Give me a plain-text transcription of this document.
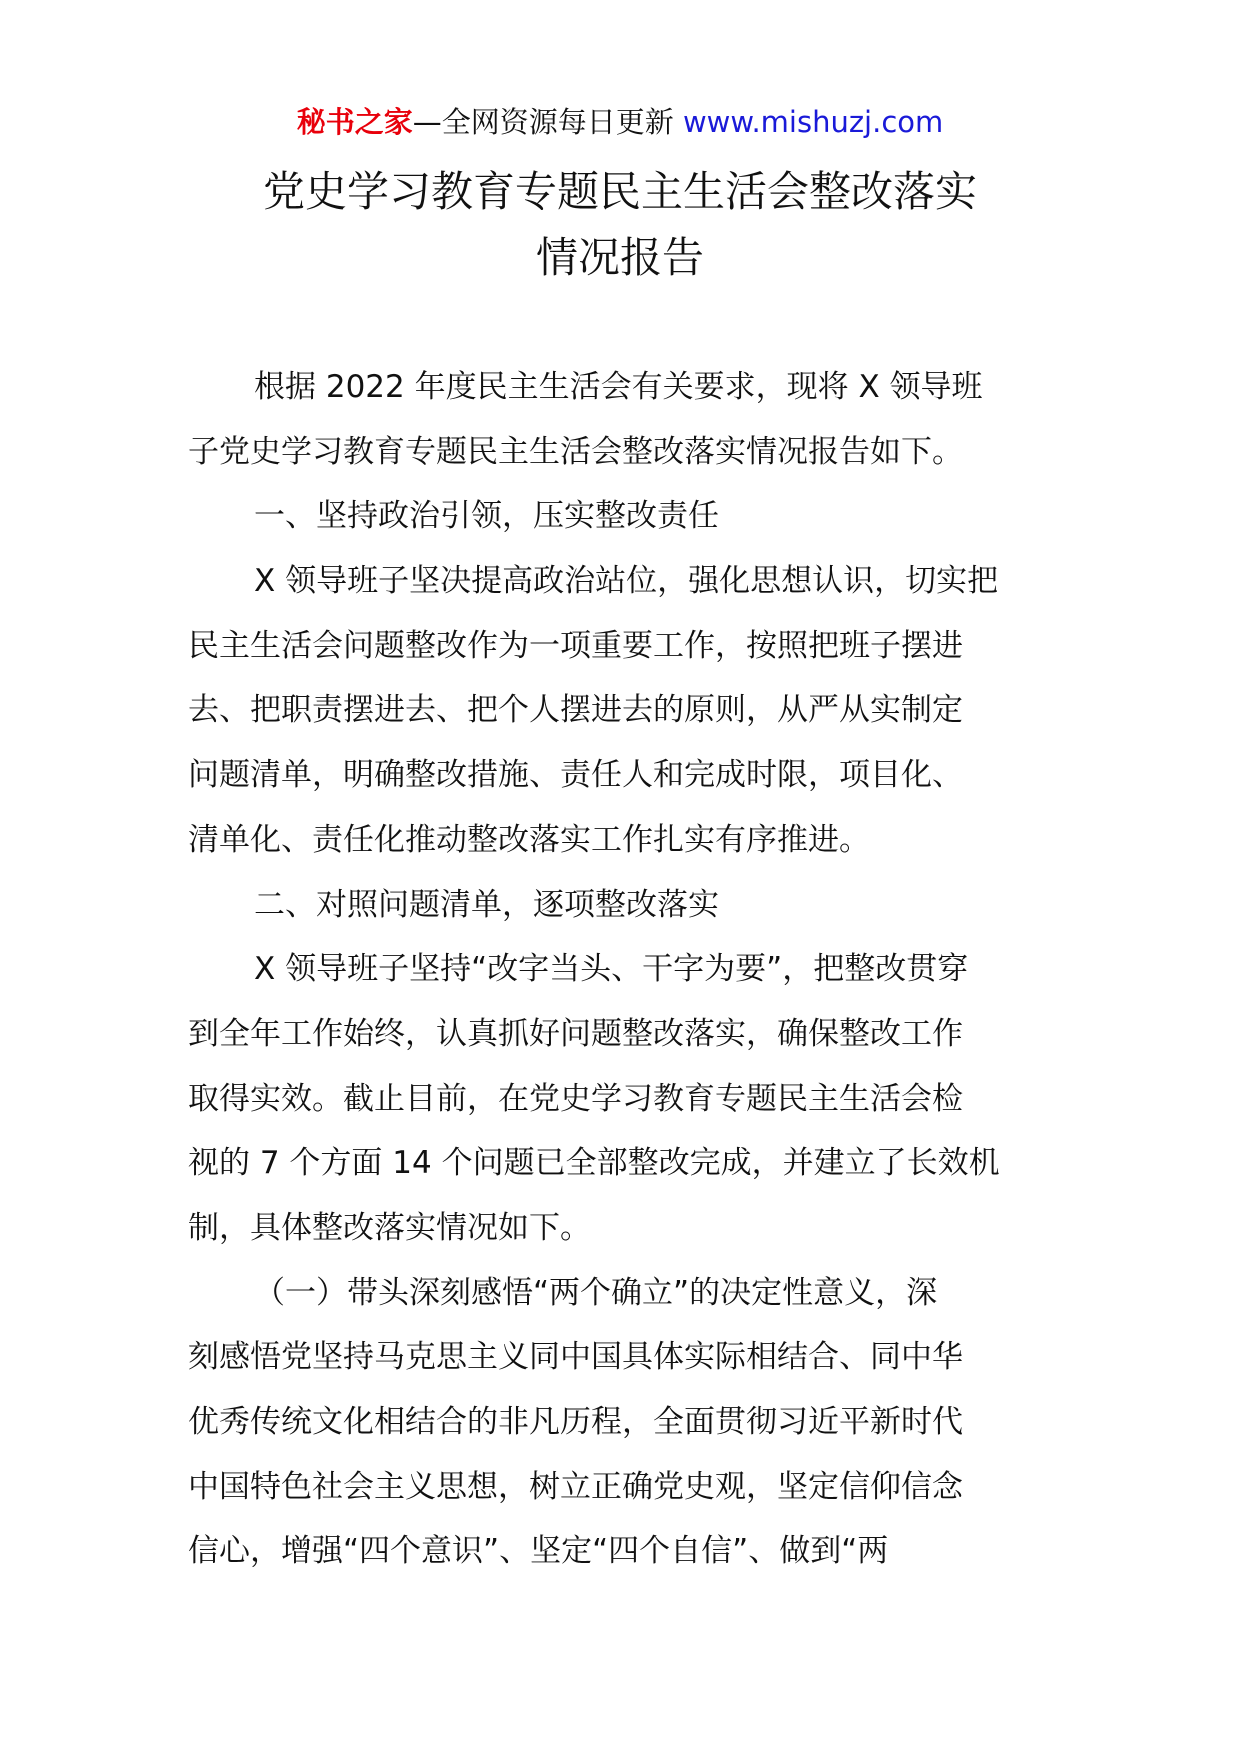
秘书之家—全网资源每日更新 www.mishuzj.com
党史学习教育专题民主生活会整改落实
情况报告
根据 2022 年度民主生活会有关要求，现将 X 领导班
子党史学习教育专题民主生活会整改落实情况报告如下。
一、坚持政治引领，压实整改责任
X 领导班子坚决提高政治站位，强化思想认识，切实把
民主生活会问题整改作为一项重要工作，按照把班子摆进
去、把职责摆进去、把个人摆进去的原则，从严从实制定
问题清单，明确整改措施、责任人和完成时限，项目化、
清单化、责任化推动整改落实工作扎实有序推进。
二、对照问题清单，逐项整改落实
X 领导班子坚持“改字当头、干字为要”，把整改贯穿
到全年工作始终，认真抓好问题整改落实，确保整改工作
取得实效。截止目前，在党史学习教育专题民主生活会检
视的 7 个方面 14 个问题已全部整改完成，并建立了长效机
制，具体整改落实情况如下。
（一）带头深刻感悟“两个确立”的决定性意义，深
刻感悟党坚持马克思主义同中国具体实际相结合、同中华
优秀传统文化相结合的非凡历程，全面贯彻习近平新时代
中国特色社会主义思想，树立正确党史观，坚定信仰信念
信心，增强“四个意识”、坚定“四个自信”、做到“两
